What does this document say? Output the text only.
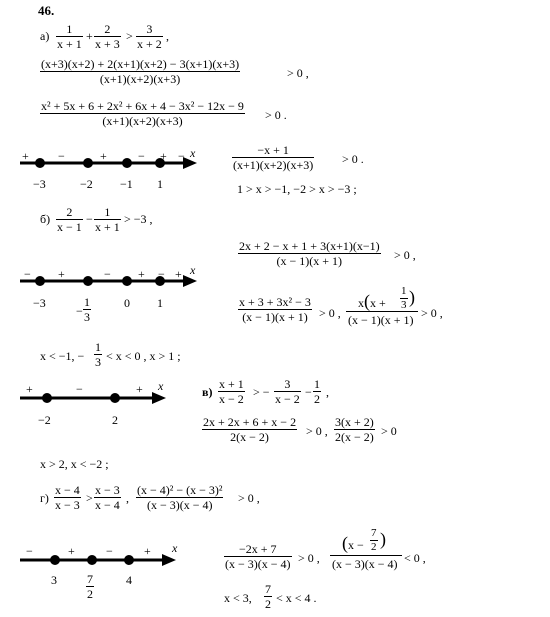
46.
а)	1
x + 1
+ 2
x + 3
>	3
x + 2
,
(x+3)(x+2) + 2(x+1)(x+2) − 3(x+1)(x+3)
(x+1)(x+2)(x+3)	> 0 ,
x² + 5x + 6 + 2x² + 6x + 4 − 3x² − 12x − 9
(x+1)(x+2)(x+3)	> 0 .
+ −	+	− + − x
−3	−2 −1 1
−x + 1
(x+1)(x+2)(x+3) > 0 .
1 > x > −1, −2 > x > −3 ;
б)	2
x − 1
− 1
x + 1
> −3 ,
2x + 2 − x + 1 + 3(x+1)(x−1)
(x − 1)(x + 1)	> 0 ,
− +	− + − + x
−3
−
1
3
0 1	x + 3 + 3x² − 3
(x − 1)(x + 1) > 0 ,
x(x +
1
3 )
(x − 1)(x + 1) > 0 ,
x < −1, −
1
3 < x < 0 , x > 1 ;
+	−	+ x
−2	2
в)
x + 1
x − 2 > −
3
x − 2 −
1
2 ,
2x + 2x + 6 + x − 2
2(x − 2)	> 0 ,
3(x + 2)
2(x − 2) > 0
x > 2, x < −2 ;
г)
x − 4
x − 3 >
x − 3
x − 4 ,
(x − 4)² − (x − 3)²
(x − 3)(x − 4)	> 0 ,
−	+	−	+ x
3	7
2
4
−2x + 7
(x − 3)(x − 4) > 0 ,
(x −
7
2 )
(x − 3)(x − 4) < 0 ,
x < 3,
7
2 < x < 4 .
